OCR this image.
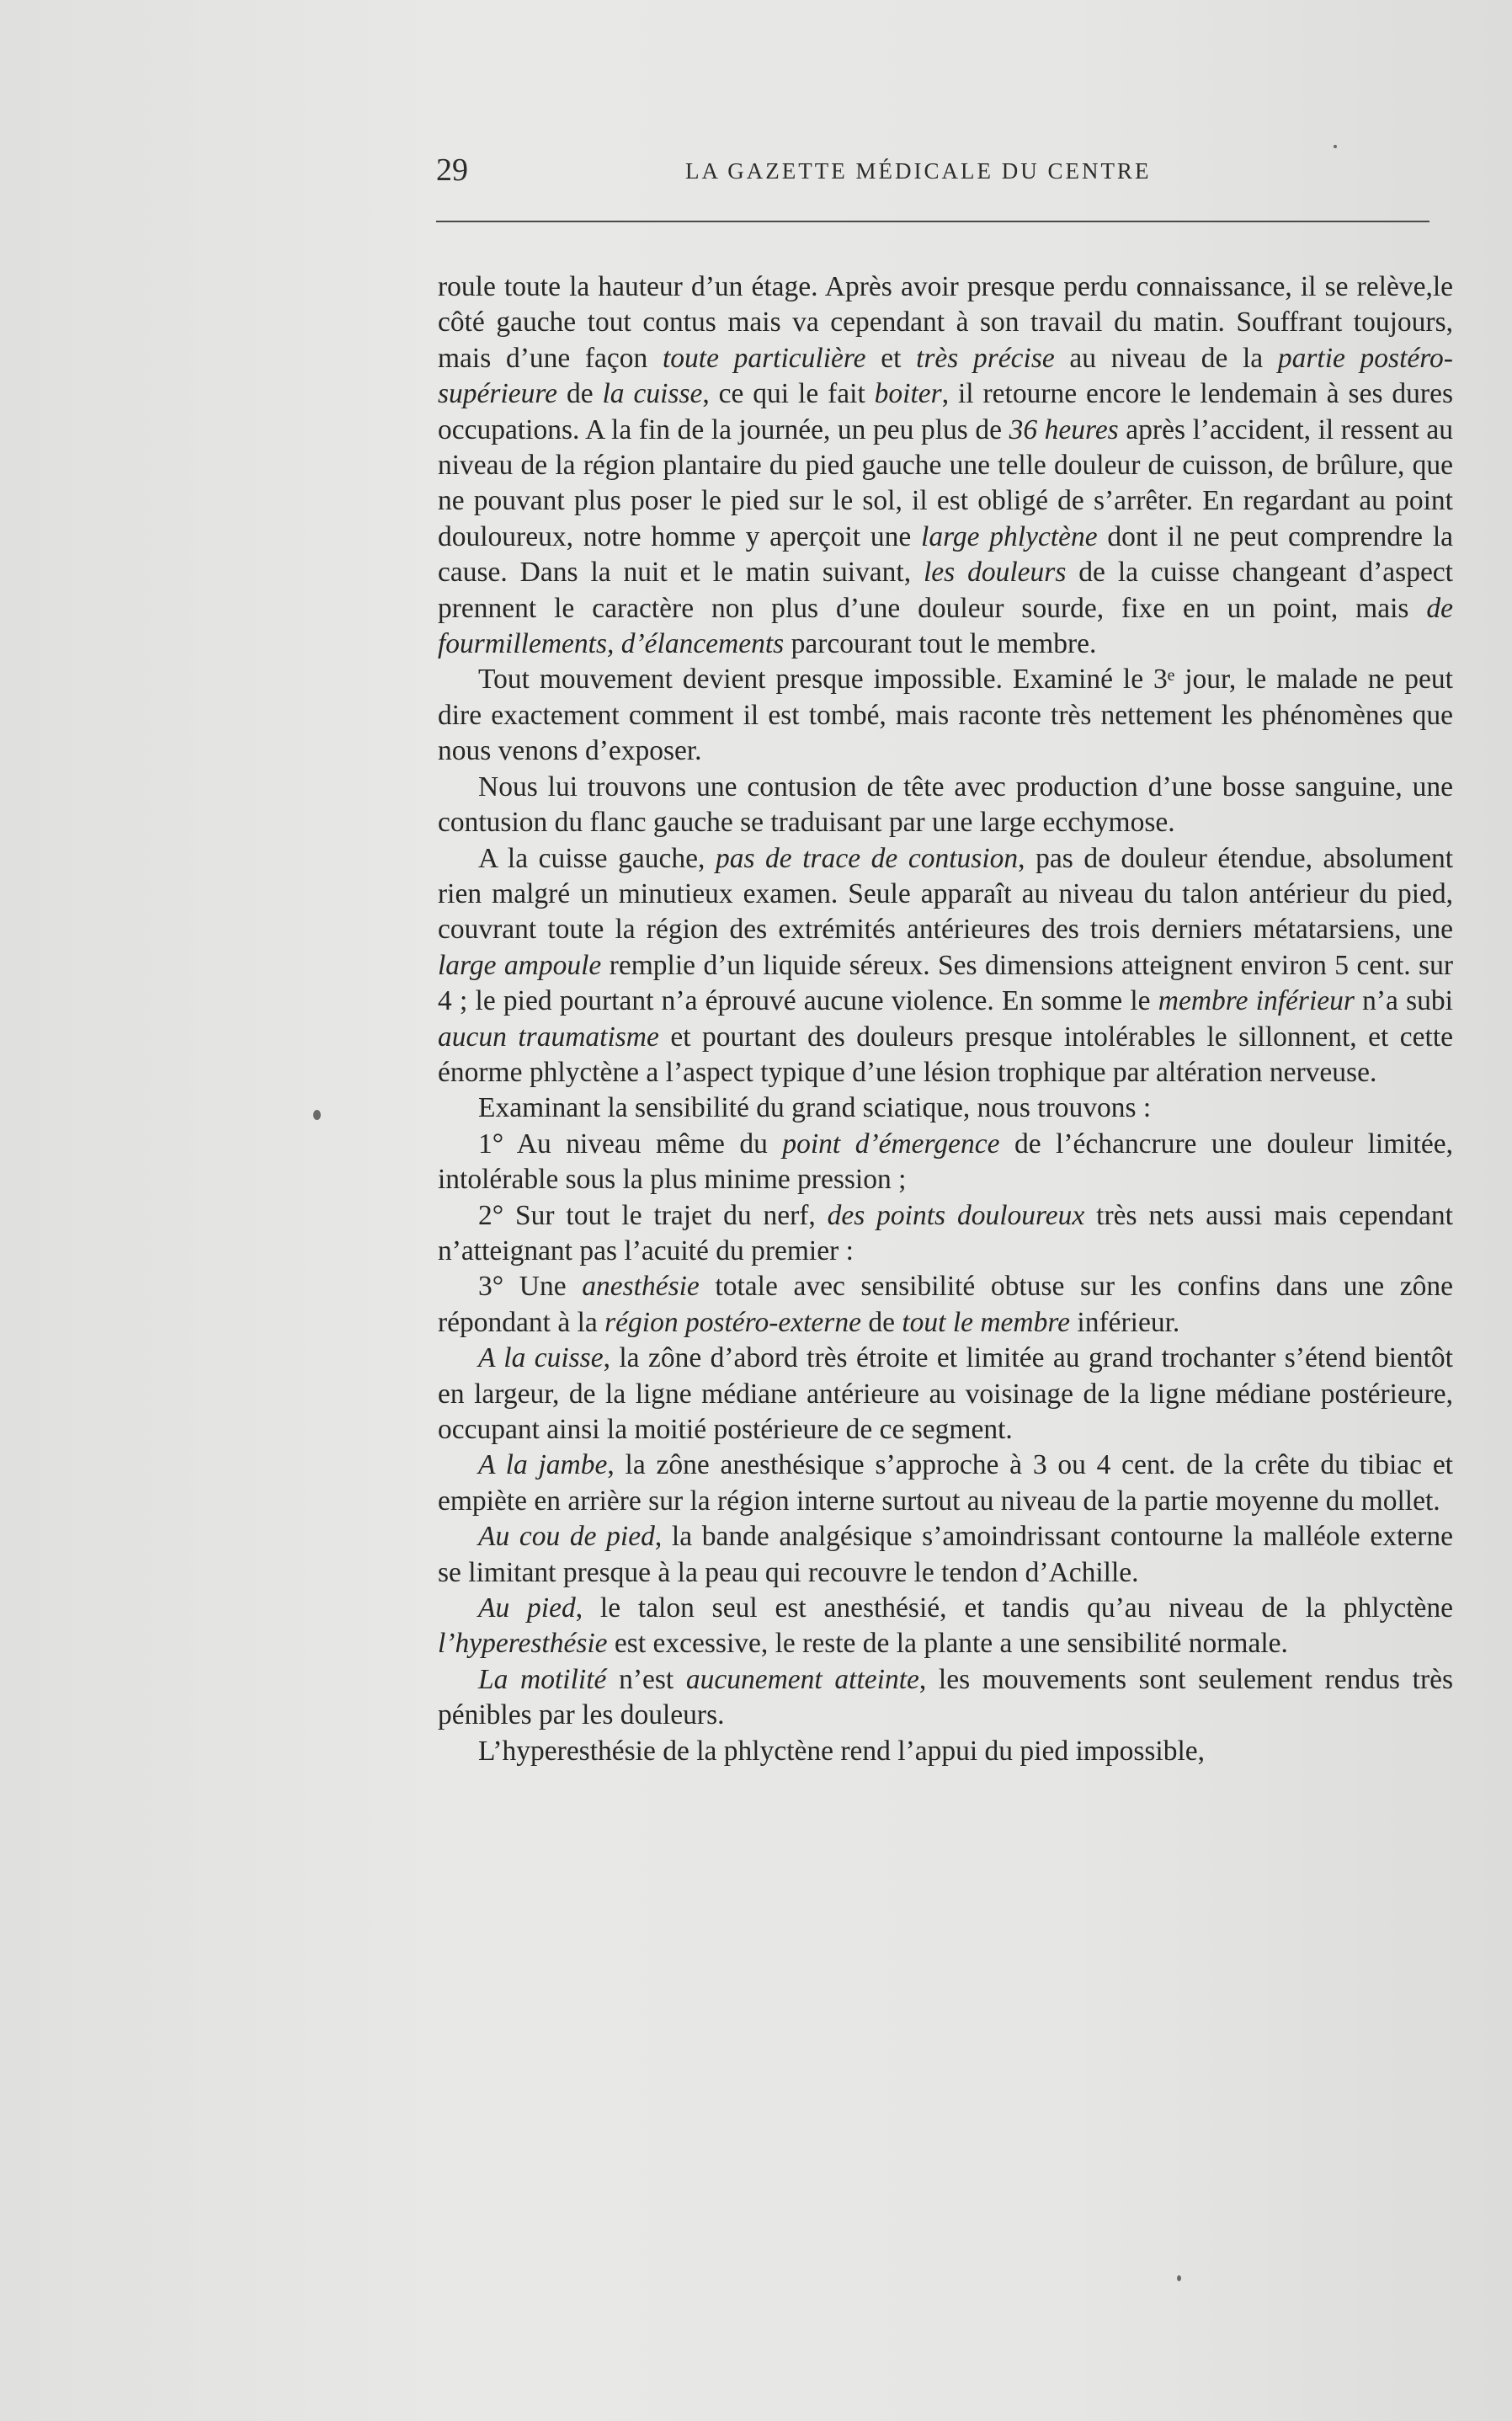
29	LA GAZETTE MÉDICALE DU CENTRE

roule toute la hauteur d’un étage. Après avoir presque perdu connaissance, il se relève,le côté gauche tout contus mais va cependant à son travail du matin. Souffrant toujours, mais d’une façon toute particulière et très précise au niveau de la partie postéro-supérieure de la cuisse, ce qui le fait boiter, il retourne encore le lendemain à ses dures occupations. A la fin de la journée, un peu plus de 36 heures après l’accident, il ressent au niveau de la région plantaire du pied gauche une telle douleur de cuisson, de brûlure, que ne pouvant plus poser le pied sur le sol, il est obligé de s’arrêter. En regardant au point douloureux, notre homme y aperçoit une large phlyctène dont il ne peut comprendre la cause. Dans la nuit et le matin suivant, les douleurs de la cuisse changeant d’aspect prennent le caractère non plus d’une douleur sourde, fixe en un point, mais de fourmillements, d’élancements parcourant tout le membre.

Tout mouvement devient presque impossible. Examiné le 3ᵉ jour, le malade ne peut dire exactement comment il est tombé, mais raconte très nettement les phénomènes que nous venons d’exposer.

Nous lui trouvons une contusion de tête avec production d’une bosse sanguine, une contusion du flanc gauche se traduisant par une large ecchymose.

A la cuisse gauche, pas de trace de contusion, pas de douleur étendue, absolument rien malgré un minutieux examen. Seule apparaît au niveau du talon antérieur du pied, couvrant toute la région des extrémités antérieures des trois derniers métatarsiens, une large ampoule remplie d’un liquide séreux. Ses dimensions atteignent environ 5 cent. sur 4 ; le pied pourtant n’a éprouvé aucune violence. En somme le membre inférieur n’a subi aucun traumatisme et pourtant des douleurs presque intolérables le sillonnent, et cette énorme phlyctène a l’aspect typique d’une lésion trophique par altération nerveuse.

Examinant la sensibilité du grand sciatique, nous trouvons :

1° Au niveau même du point d’émergence de l’échancrure une douleur limitée, intolérable sous la plus minime pression ;

2° Sur tout le trajet du nerf, des points douloureux très nets aussi mais cependant n’atteignant pas l’acuité du premier :

3° Une anesthésie totale avec sensibilité obtuse sur les confins dans une zône répondant à la région postéro-externe de tout le membre inférieur.

A la cuisse, la zône d’abord très étroite et limitée au grand trochanter s’étend bientôt en largeur, de la ligne médiane antérieure au voisinage de la ligne médiane postérieure, occupant ainsi la moitié postérieure de ce segment.

A la jambe, la zône anesthésique s’approche à 3 ou 4 cent. de la crête du tibiac et empiète en arrière sur la région interne surtout au niveau de la partie moyenne du mollet.

Au cou de pied, la bande analgésique s’amoindrissant contourne la malléole externe se limitant presque à la peau qui recouvre le tendon d’Achille.

Au pied, le talon seul est anesthésié, et tandis qu’au niveau de la phlyctène l’hyperesthésie est excessive, le reste de la plante a une sensibilité normale.

La motilité n’est aucunement atteinte, les mouvements sont seulement rendus très pénibles par les douleurs.

L’hyperesthésie de la phlyctène rend l’appui du pied impossible,
